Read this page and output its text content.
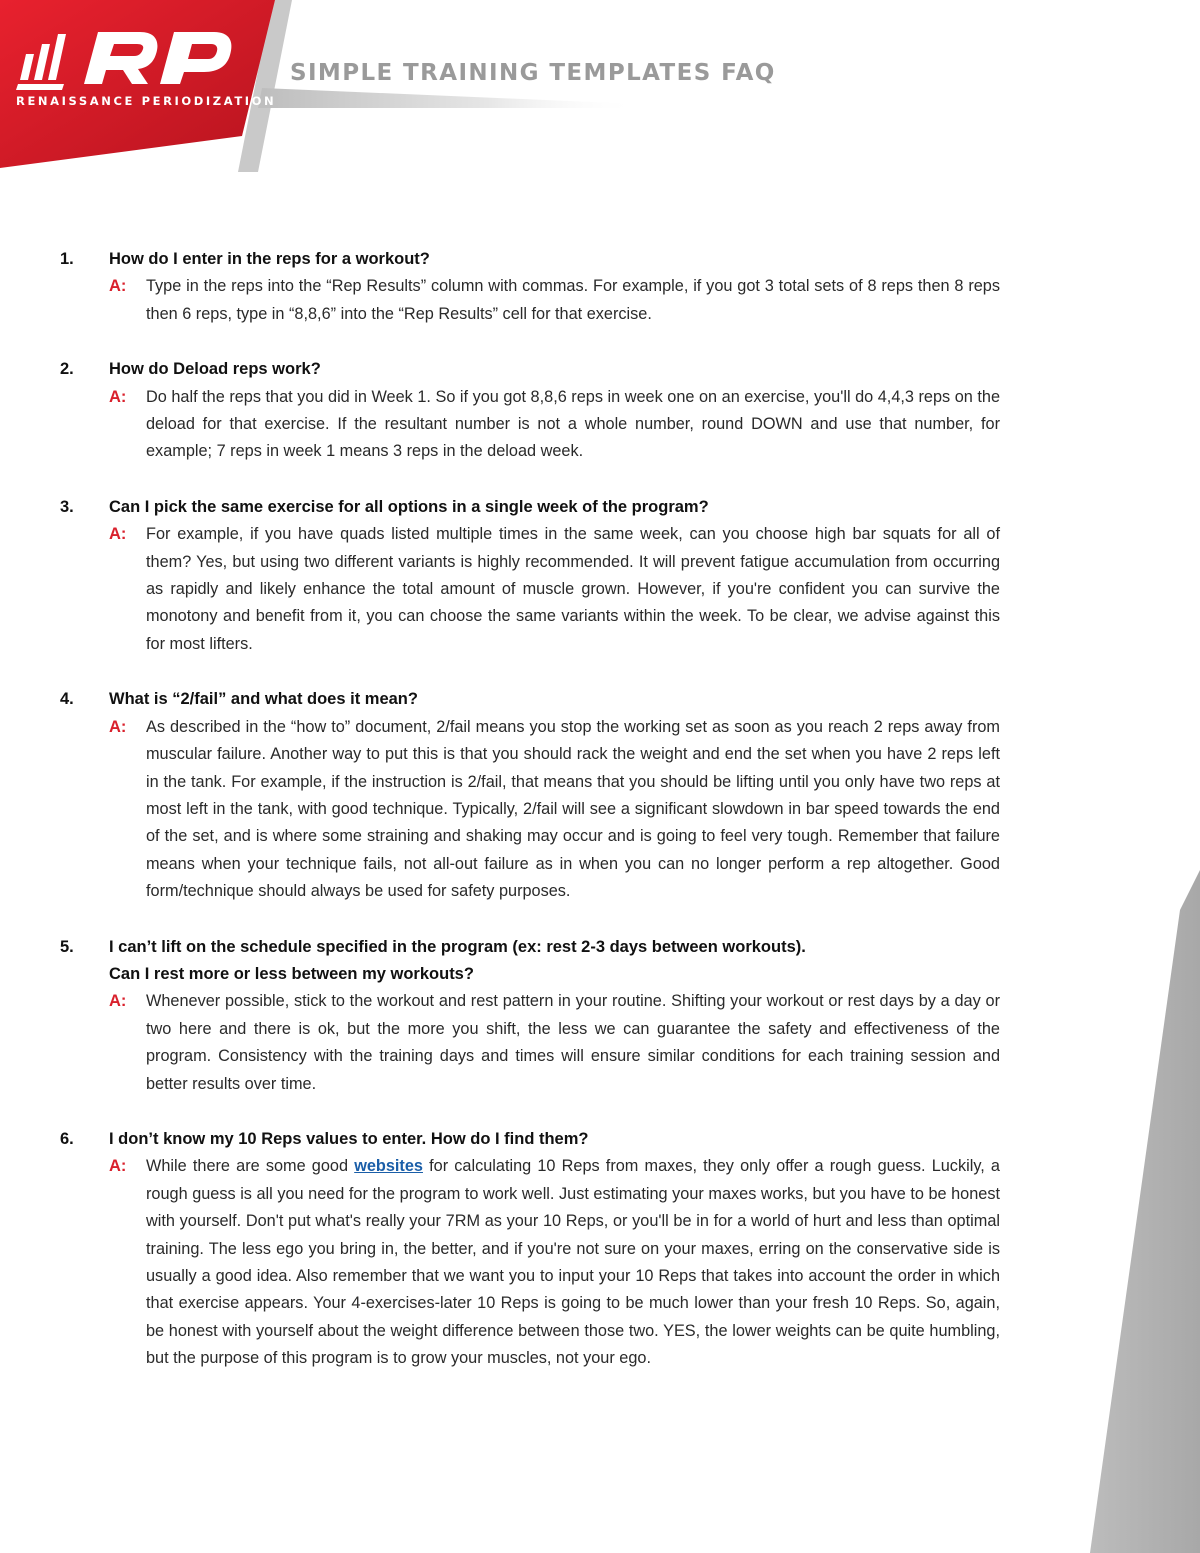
RENAISSANCE PERIODIZATION
SIMPLE TRAINING TEMPLATES FAQ
1. How do I enter in the reps for a workout?
A: Type in the reps into the “Rep Results” column with commas. For example, if you got 3 total sets of 8 reps then 8 reps then 6 reps, type in “8,8,6” into the “Rep Results” cell for that exercise.

2. How do Deload reps work?
A: Do half the reps that you did in Week 1. So if you got 8,8,6 reps in week one on an exercise, you'll do 4,4,3 reps on the deload for that exercise. If the resultant number is not a whole number, round DOWN and use that number, for example; 7 reps in week 1 means 3 reps in the deload week.

3. Can I pick the same exercise for all options in a single week of the program?
A: For example, if you have quads listed multiple times in the same week, can you choose high bar squats for all of them? Yes, but using two different variants is highly recommended. It will prevent fatigue accumulation from occurring as rapidly and likely enhance the total amount of muscle grown. However, if you're confident you can survive the monotony and benefit from it, you can choose the same variants within the week. To be clear, we advise against this for most lifters.

4. What is “2/fail” and what does it mean?
A: As described in the “how to” document, 2/fail means you stop the working set as soon as you reach 2 reps away from muscular failure. Another way to put this is that you should rack the weight and end the set when you have 2 reps left in the tank. For example, if the instruction is 2/fail, that means that you should be lifting until you only have two reps at most left in the tank, with good technique. Typically, 2/fail will see a significant slowdown in bar speed towards the end of the set, and is where some straining and shaking may occur and is going to feel very tough. Remember that failure means when your technique fails, not all-out failure as in when you can no longer perform a rep altogether. Good form/technique should always be used for safety purposes.

5. I can’t lift on the schedule specified in the program (ex: rest 2-3 days between workouts).
Can I rest more or less between my workouts?
A: Whenever possible, stick to the workout and rest pattern in your routine. Shifting your workout or rest days by a day or two here and there is ok, but the more you shift, the less we can guarantee the safety and effectiveness of the program. Consistency with the training days and times will ensure similar conditions for each training session and better results over time.

6. I don’t know my 10 Reps values to enter. How do I find them?
A: While there are some good websites for calculating 10 Reps from maxes, they only offer a rough guess. Luckily, a rough guess is all you need for the program to work well. Just estimating your maxes works, but you have to be honest with yourself. Don't put what's really your 7RM as your 10 Reps, or you'll be in for a world of hurt and less than optimal training. The less ego you bring in, the better, and if you're not sure on your maxes, erring on the conservative side is usually a good idea. Also remember that we want you to input your 10 Reps that takes into account the order in which that exercise appears. Your 4-exercises-later 10 Reps is going to be much lower than your fresh 10 Reps. So, again, be honest with yourself about the weight difference between those two. YES, the lower weights can be quite humbling, but the purpose of this program is to grow your muscles, not your ego.
